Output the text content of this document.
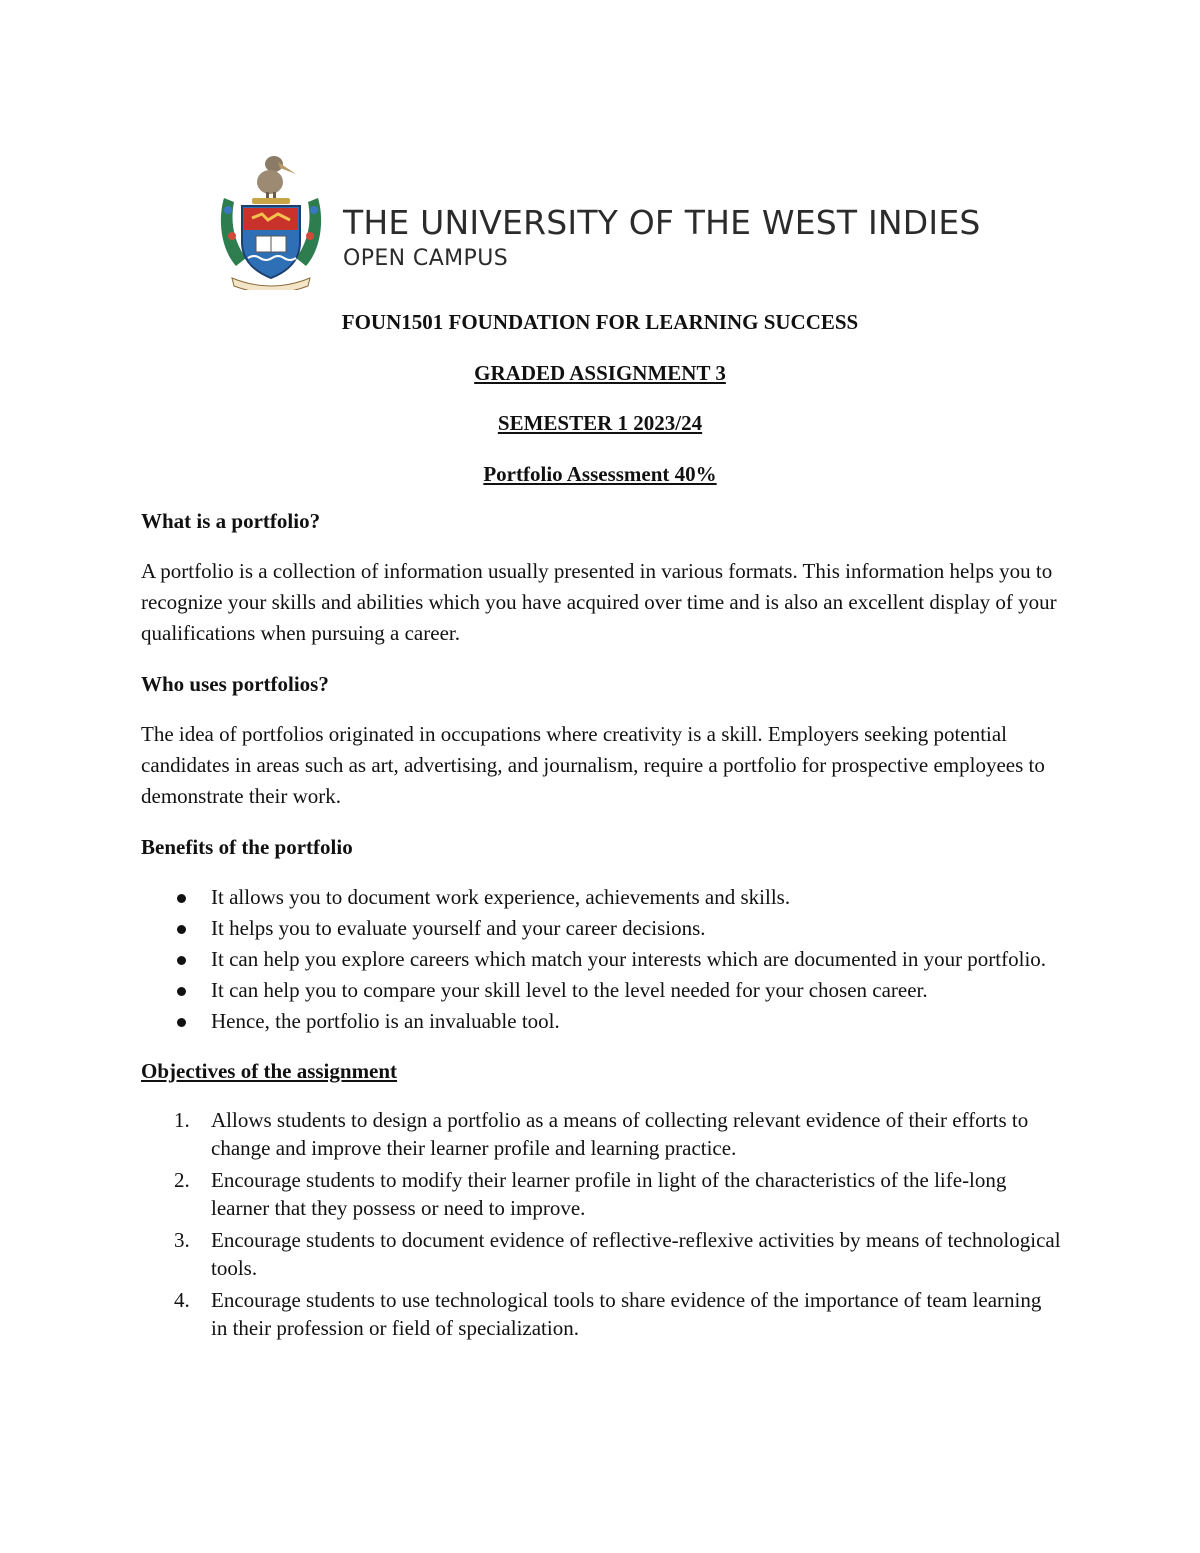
THE UNIVERSITY OF THE WEST INDIES
OPEN CAMPUS
FOUN1501 FOUNDATION FOR LEARNING SUCCESS
GRADED ASSIGNMENT 3
SEMESTER 1 2023/24
Portfolio Assessment 40%

What is a portfolio?

A portfolio is a collection of information usually presented in various formats. This information helps you to recognize your skills and abilities which you have acquired over time and is also an excellent display of your qualifications when pursuing a career.

Who uses portfolios?

The idea of portfolios originated in occupations where creativity is a skill. Employers seeking potential candidates in areas such as art, advertising, and journalism, require a portfolio for prospective employees to demonstrate their work.

Benefits of the portfolio

It allows you to document work experience, achievements and skills.
It helps you to evaluate yourself and your career decisions.
It can help you explore careers which match your interests which are documented in your portfolio.
It can help you to compare your skill level to the level needed for your chosen career.
Hence, the portfolio is an invaluable tool.

Objectives of the assignment

1. Allows students to design a portfolio as a means of collecting relevant evidence of their efforts to change and improve their learner profile and learning practice.
2. Encourage students to modify their learner profile in light of the characteristics of the life-long learner that they possess or need to improve.
3. Encourage students to document evidence of reflective-reflexive activities by means of technological tools.
4. Encourage students to use technological tools to share evidence of the importance of team learning in their profession or field of specialization.
